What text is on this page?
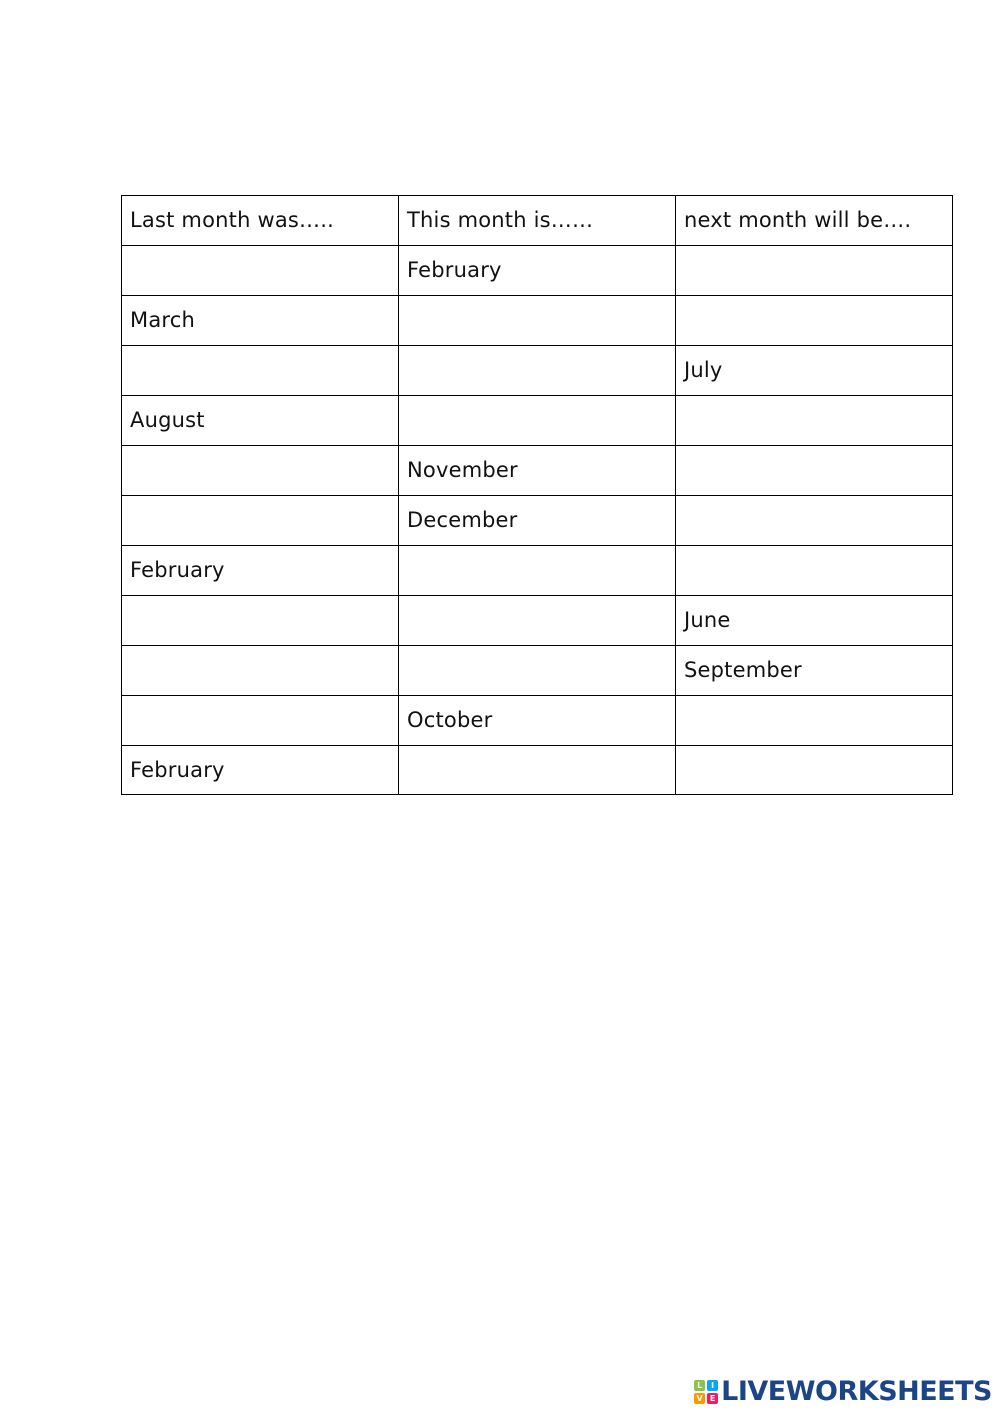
Last month was…..	This month is……	next month will be….
	February	
March		
		July
August		
	November	
	December	
February		
		June
		September
	October	
February		
L	I
V E LIVEWORKSHEETS
